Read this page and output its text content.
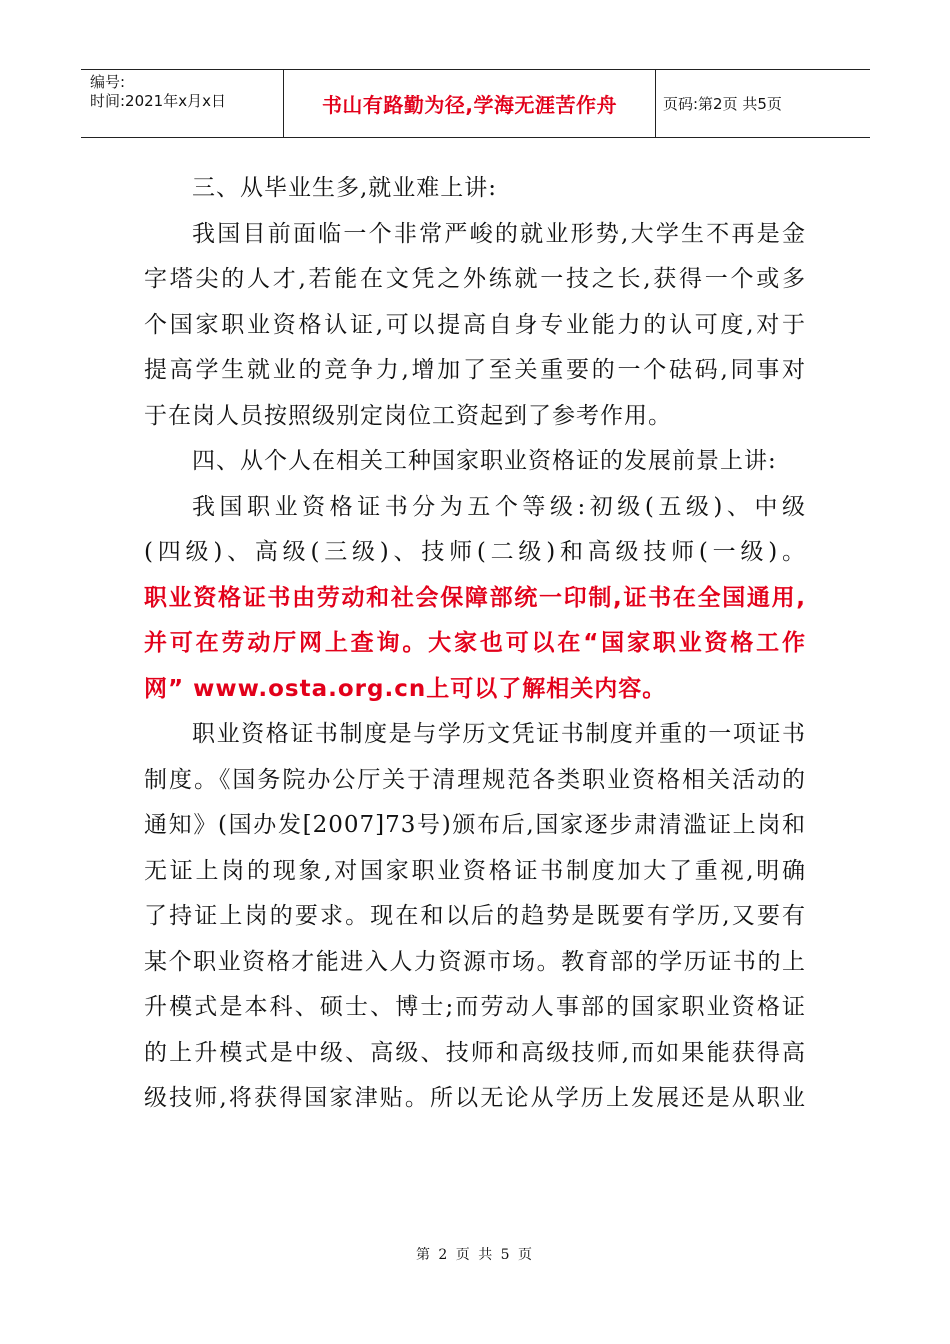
编号:
时间:2021年x月x日	书山有路勤为径,学海无涯苦作舟	页码:第2页 共5页
三、从毕业生多,就业难上讲:
我国目前面临一个非常严峻的就业形势,大学生不再是金
字塔尖的人才,若能在文凭之外练就一技之长,获得一个或多
个国家职业资格认证,可以提高自身专业能力的认可度,对于
提高学生就业的竞争力,增加了至关重要的一个砝码,同事对
于在岗人员按照级别定岗位工资起到了参考作用。
四、从个人在相关工种国家职业资格证的发展前景上讲:
我国职业资格证书分为五个等级:初级(五级)、中级
(四级)、高级(三级)、技师(二级)和高级技师(一级)。
职业资格证书由劳动和社会保障部统一印制,证书在全国通用,
并可在劳动厅网上查询。大家也可以在“国家职业资格工作
网” www.osta.org.cn上可以了解相关内容。
职业资格证书制度是与学历文凭证书制度并重的一项证书
制度。《国务院办公厅关于清理规范各类职业资格相关活动的
通知》(国办发[2007]73号)颁布后,国家逐步肃清滥证上岗和
无证上岗的现象,对国家职业资格证书制度加大了重视,明确
了持证上岗的要求。现在和以后的趋势是既要有学历,又要有
某个职业资格才能进入人力资源市场。教育部的学历证书的上
升模式是本科、硕士、博士;而劳动人事部的国家职业资格证
的上升模式是中级、高级、技师和高级技师,而如果能获得高
级技师,将获得国家津贴。所以无论从学历上发展还是从职业
第 2 页 共 5 页
